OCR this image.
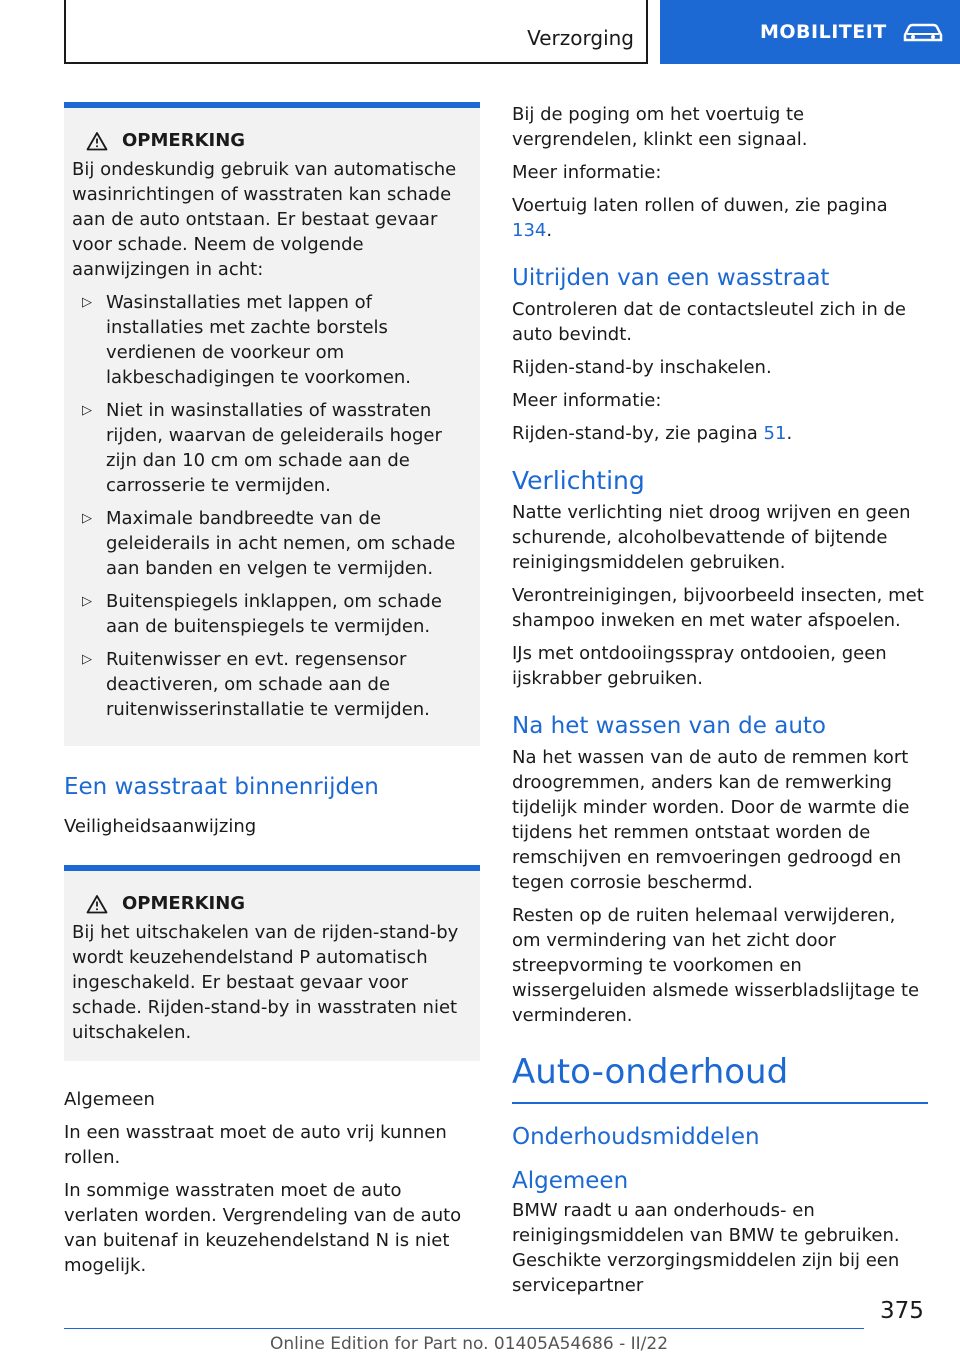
Verzorging	MOBILITEIT
OPMERKING

Bij ondeskundig gebruik van automatische wasinrichtingen of wasstraten kan schade aan de auto ontstaan. Er bestaat gevaar voor schade. Neem de volgende aanwijzingen in acht:

▷ Wasinstallaties met lappen of installaties met zachte borstels verdienen de voorkeur om lakbeschadigingen te voorkomen.
▷ Niet in wasinstallaties of wasstraten rijden, waarvan de geleiderails hoger zijn dan 10 cm om schade aan de carrosserie te vermijden.
▷ Maximale bandbreedte van de geleiderails in acht nemen, om schade aan banden en velgen te vermijden.
▷ Buitenspiegels inklappen, om schade aan de buitenspiegels te vermijden.
▷ Ruitenwisser en evt. regensensor deactiveren, om schade aan de ruitenwisserinstallatie te vermijden.
Een wasstraat binnenrijden
Veiligheidsaanwijzing
OPMERKING

Bij het uitschakelen van de rijden-stand-by wordt keuzehendelstand P automatisch ingeschakeld. Er bestaat gevaar voor schade. Rijden-stand-by in wasstraten niet uitschakelen.

Algemeen

In een wasstraat moet de auto vrij kunnen rollen.

In sommige wasstraten moet de auto verlaten worden. Vergrendeling van de auto van buitenaf in keuzehendelstand N is niet mogelijk.

Bij de poging om het voertuig te vergrendelen, klinkt een signaal.

Meer informatie:

Voertuig laten rollen of duwen, zie pagina 134.

Uitrijden van een wasstraat

Controleren dat de contactsleutel zich in de auto bevindt.

Rijden-stand-by inschakelen.

Meer informatie:

Rijden-stand-by, zie pagina 51.

Verlichting

Natte verlichting niet droog wrijven en geen schurende, alcoholbevattende of bijtende reinigingsmiddelen gebruiken.

Verontreinigingen, bijvoorbeeld insecten, met shampoo inweken en met water afspoelen.

IJs met ontdooiingsspray ontdooien, geen ijskrabber gebruiken.

Na het wassen van de auto

Na het wassen van de auto de remmen kort droogremmen, anders kan de remwerking tijdelijk minder worden. Door de warmte die tijdens het remmen ontstaat worden de remschijven en remvoeringen gedroogd en tegen corrosie beschermd.

Resten op de ruiten helemaal verwijderen, om vermindering van het zicht door streepvorming te voorkomen en wissergeluiden alsmede wisserbladslijtage te verminderen.

Auto-onderhoud
Onderhoudsmiddelen
Algemeen

BMW raadt u aan onderhouds- en reinigingsmiddelen van BMW te gebruiken. Geschikte verzorgingsmiddelen zijn bij een servicepartner

375
Online Edition for Part no. 01405A54686 - II/22
